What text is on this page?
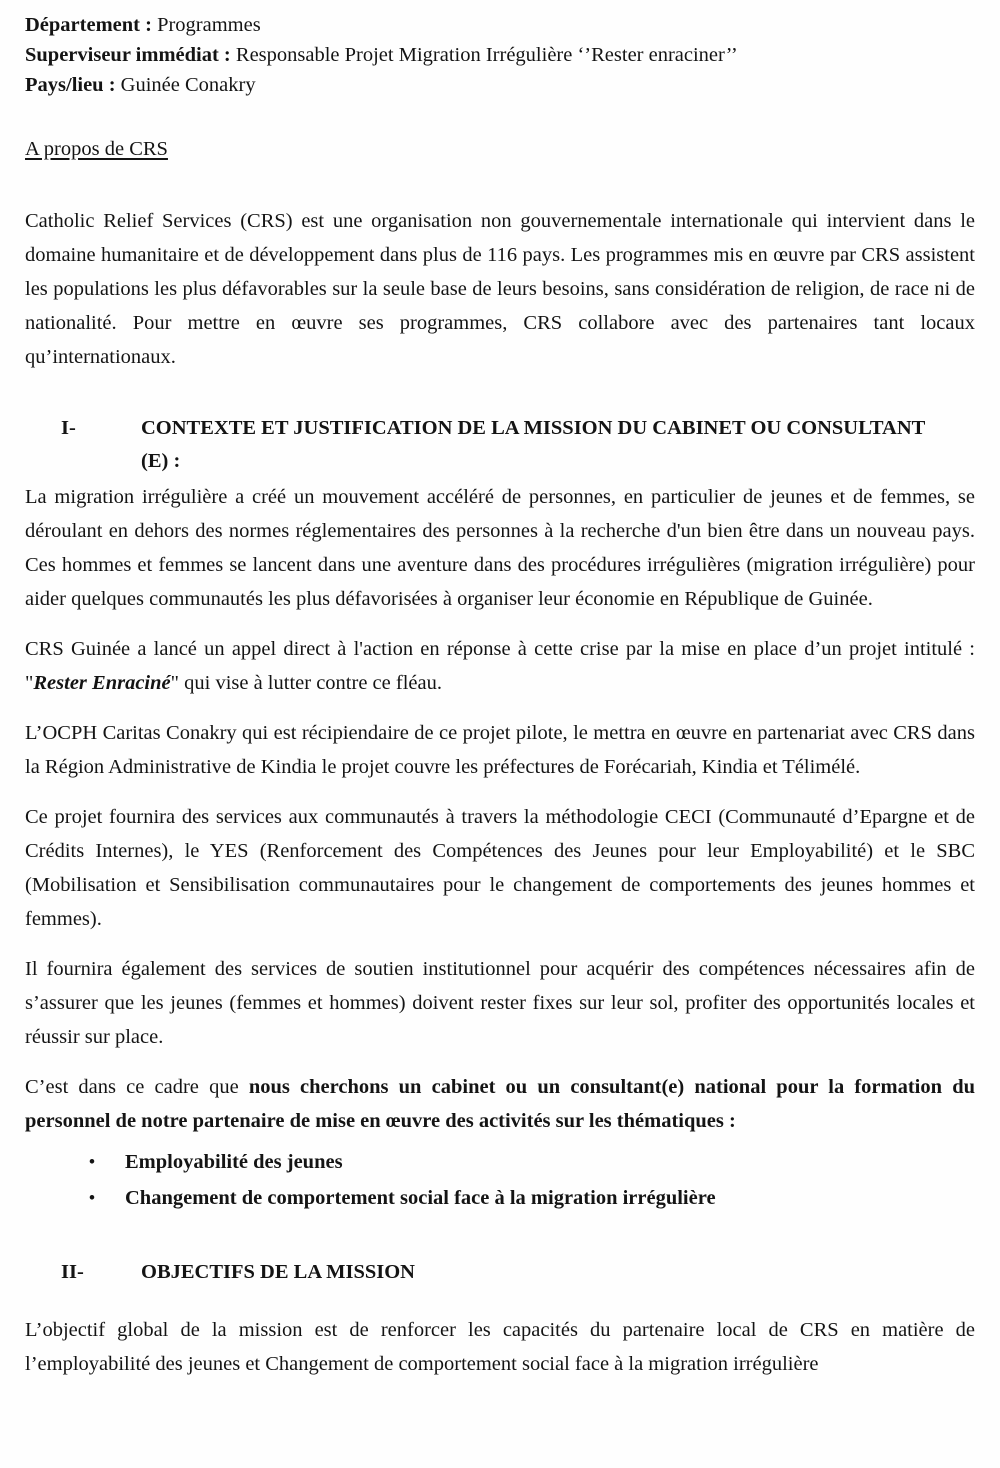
Département : Programmes
Superviseur immédiat : Responsable Projet Migration Irrégulière ‘’Rester enraciner’’
Pays/lieu : Guinée Conakry
A propos de CRS

Catholic Relief Services (CRS) est une organisation non gouvernementale internationale qui intervient dans le domaine humanitaire et de développement dans plus de 116 pays. Les programmes mis en œuvre par CRS assistent les populations les plus défavorables sur la seule base de leurs besoins, sans considération de religion, de race ni de nationalité. Pour mettre en œuvre ses programmes, CRS collabore avec des partenaires tant locaux qu’internationaux.

I-	CONTEXTE ET JUSTIFICATION DE LA MISSION DU CABINET OU CONSULTANT (E) :

La migration irrégulière a créé un mouvement accéléré de personnes, en particulier de jeunes et de femmes, se déroulant en dehors des normes réglementaires des personnes à la recherche d'un bien être dans un nouveau pays. Ces hommes et femmes se lancent dans une aventure dans des procédures irrégulières (migration irrégulière) pour aider quelques communautés les plus défavorisées à organiser leur économie en République de Guinée.

CRS Guinée a lancé un appel direct à l'action en réponse à cette crise par la mise en place d’un projet intitulé : "Rester Enraciné" qui vise à lutter contre ce fléau.

L’OCPH Caritas Conakry qui est récipiendaire de ce projet pilote, le mettra en œuvre en partenariat avec CRS dans la Région Administrative de Kindia le projet couvre les préfectures de Forécariah, Kindia et Télimélé.

Ce projet fournira des services aux communautés à travers la méthodologie CECI (Communauté d’Epargne et de Crédits Internes), le YES (Renforcement des Compétences des Jeunes pour leur Employabilité) et le SBC (Mobilisation et Sensibilisation communautaires pour le changement de comportements des jeunes hommes et femmes).

Il fournira également des services de soutien institutionnel pour acquérir des compétences nécessaires afin de s’assurer que les jeunes (femmes et hommes) doivent rester fixes sur leur sol, profiter des opportunités locales et réussir sur place.

C’est dans ce cadre que nous cherchons un cabinet ou un consultant(e) national pour la formation du personnel de notre partenaire de mise en œuvre des activités sur les thématiques :

• Employabilité des jeunes
• Changement de comportement social face à la migration irrégulière
II-	OBJECTIFS DE LA MISSION

L’objectif global de la mission est de renforcer les capacités du partenaire local de CRS en matière de l’employabilité des jeunes et Changement de comportement social face à la migration irrégulière
